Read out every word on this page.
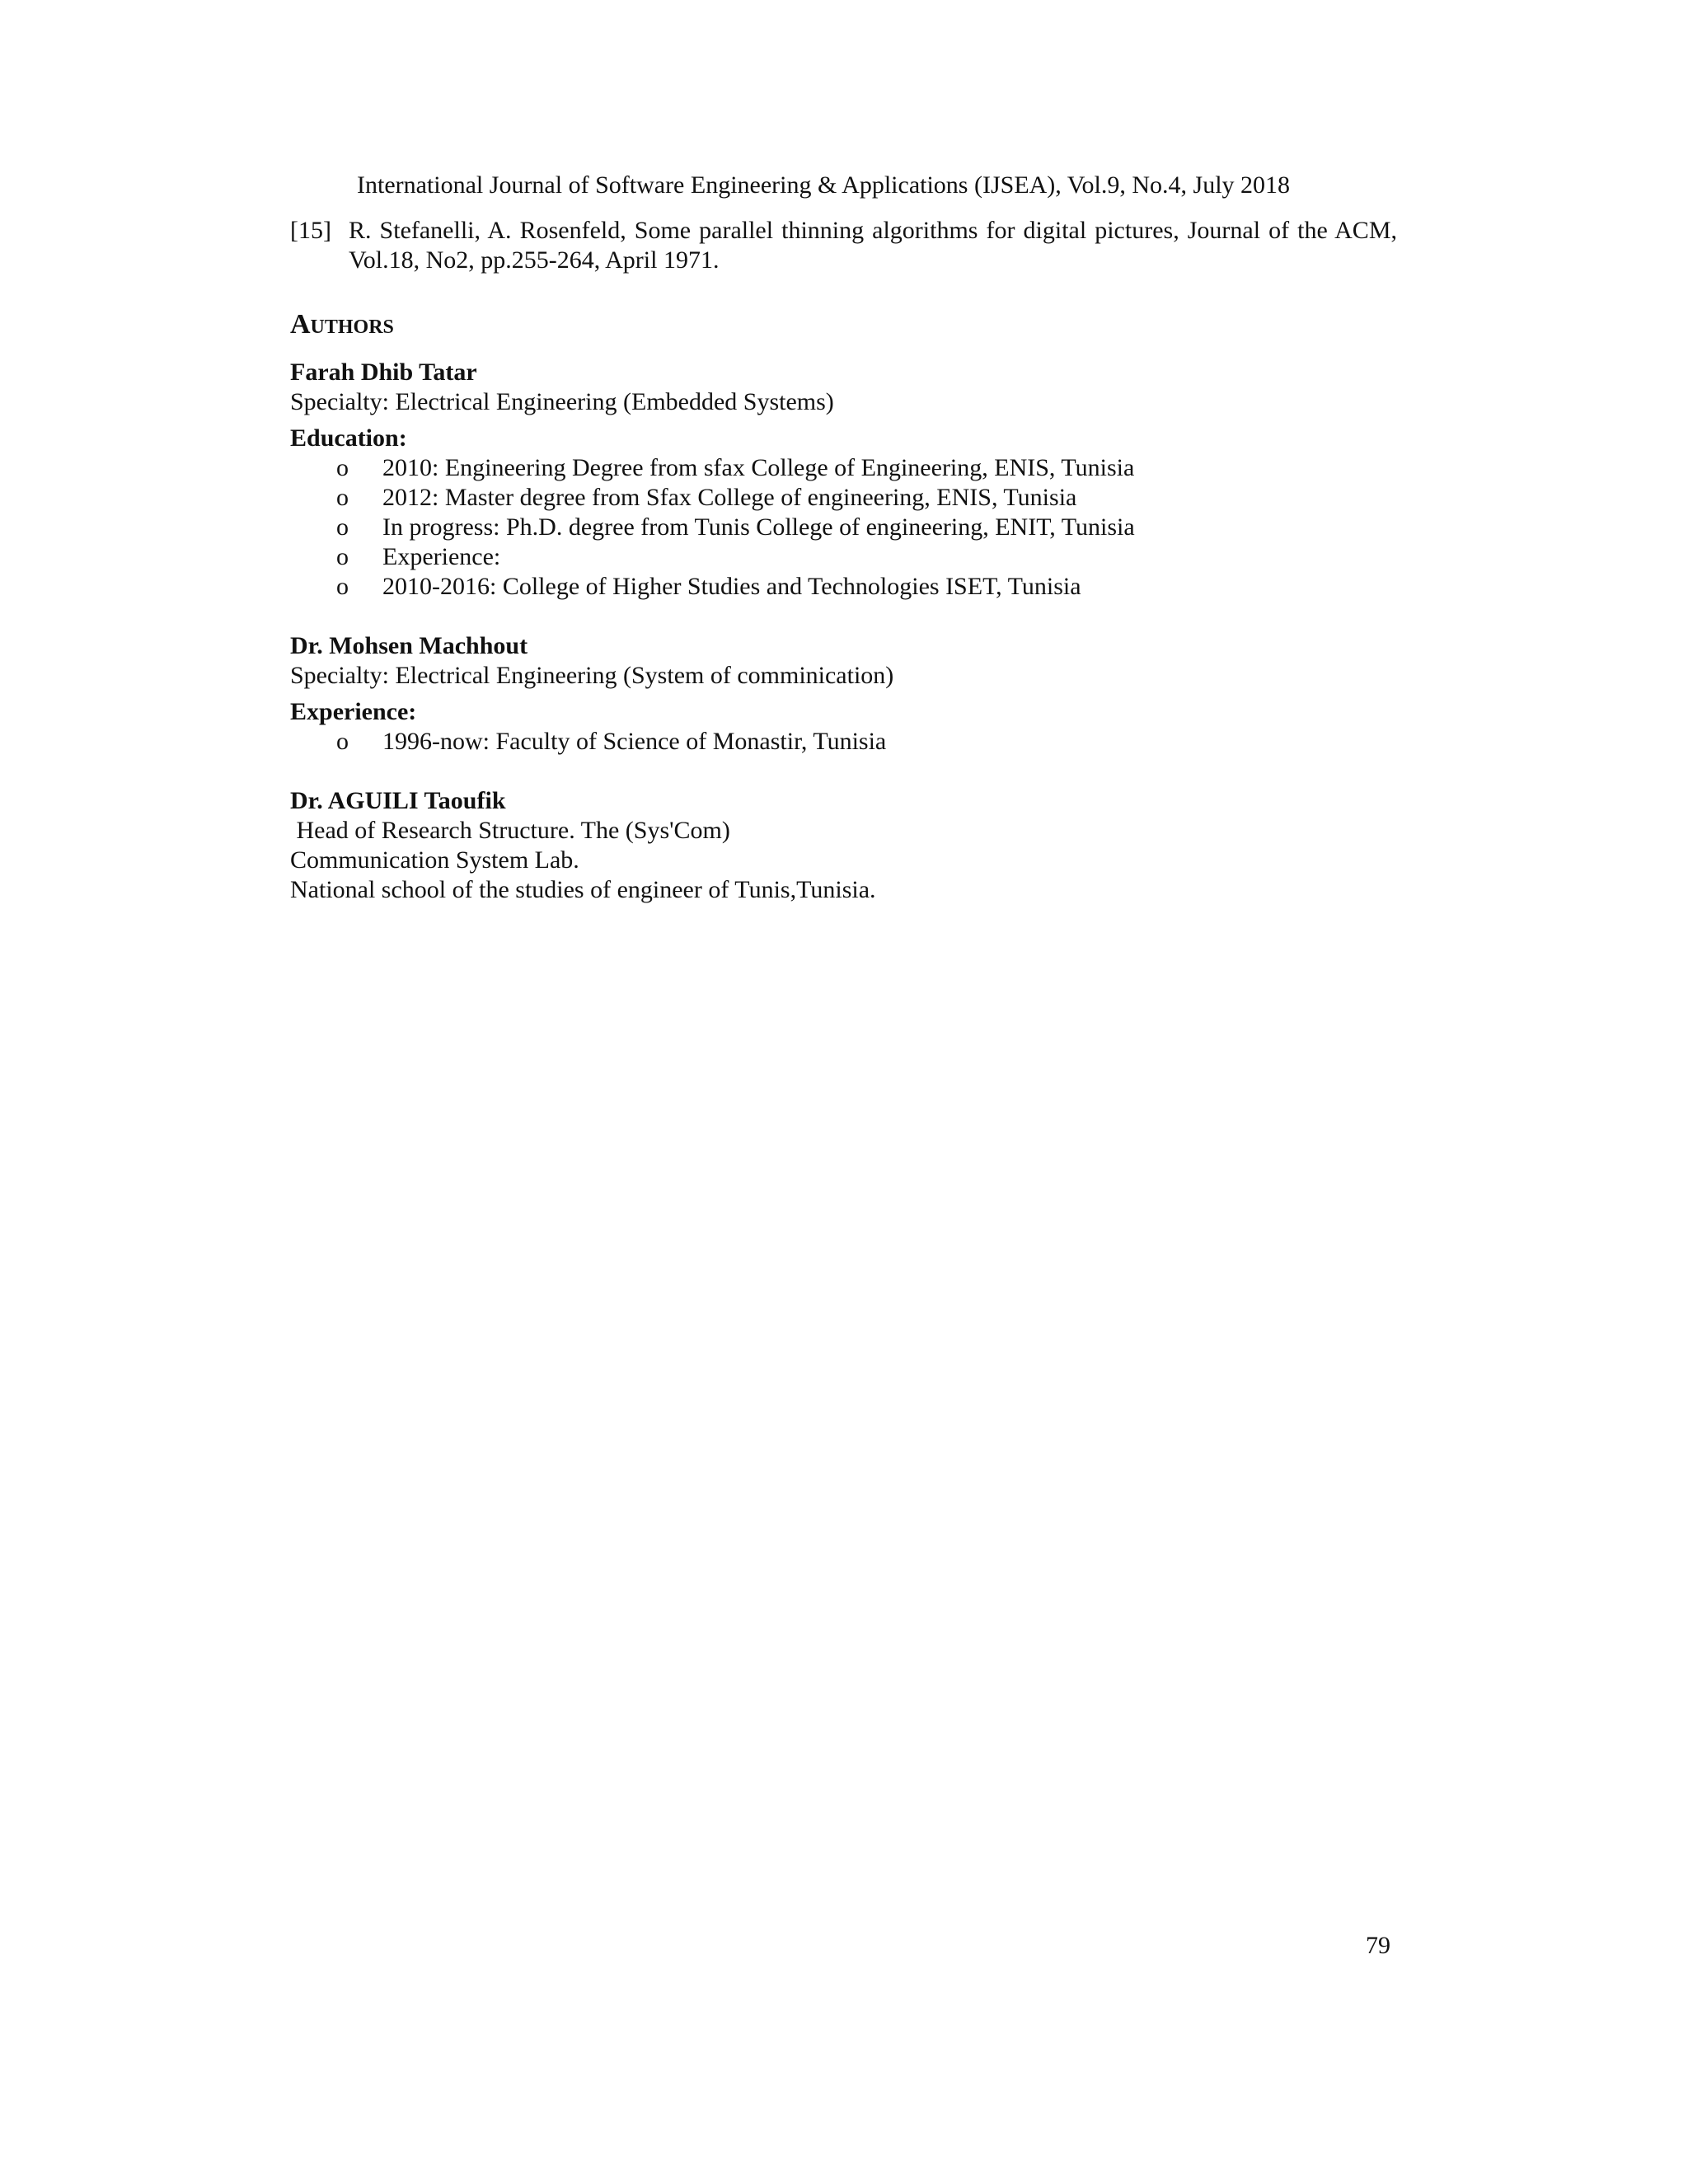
International Journal of Software Engineering & Applications (IJSEA), Vol.9, No.4, July 2018
[15] R. Stefanelli, A. Rosenfeld, Some parallel thinning algorithms for digital pictures, Journal of the ACM, Vol.18, No2, pp.255-264, April 1971.
Authors
Farah Dhib Tatar
Specialty: Electrical Engineering (Embedded Systems)
Education:
o	2010: Engineering Degree from sfax College of Engineering, ENIS, Tunisia
o	2012: Master degree from Sfax College of engineering, ENIS, Tunisia
o	In progress: Ph.D. degree from Tunis College of engineering, ENIT, Tunisia
o	Experience:
o	2010-2016: College of Higher Studies and Technologies ISET, Tunisia
Dr. Mohsen Machhout
Specialty: Electrical Engineering (System of comminication)
Experience:
o	1996-now: Faculty of Science of Monastir, Tunisia
Dr. AGUILI Taoufik
Head of Research Structure. The (Sys'Com)
Communication System Lab.
National school of the studies of engineer of Tunis,Tunisia.
79
